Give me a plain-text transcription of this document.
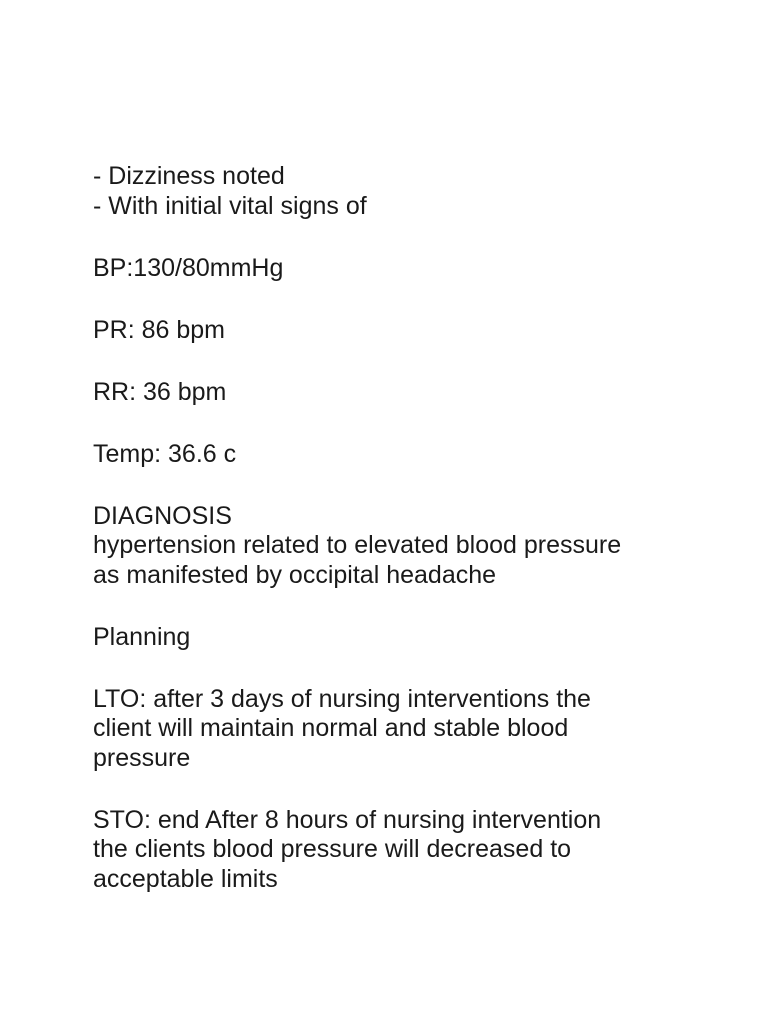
- Dizziness noted
- With initial vital signs of
BP:130/80mmHg
PR: 86 bpm
RR: 36 bpm
Temp: 36.6 c
DIAGNOSIS
hypertension related to elevated blood pressure
as manifested by occipital headache
Planning
LTO: after 3 days of nursing interventions the
client will maintain normal and stable blood
pressure
STO: end After 8 hours of nursing intervention
the clients blood pressure will decreased to
acceptable limits
